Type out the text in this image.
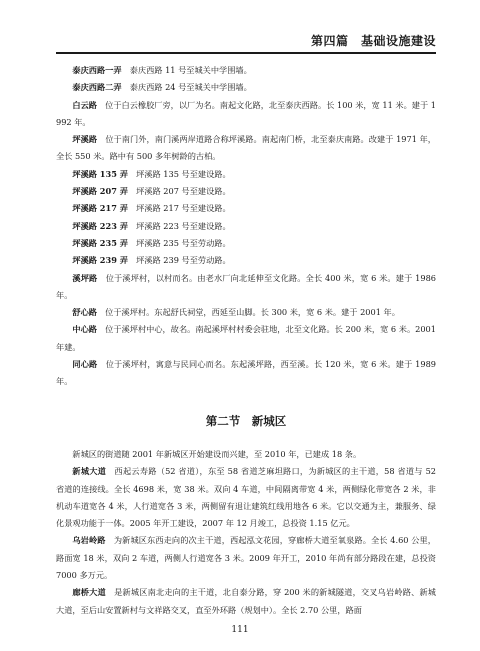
第四篇　基础设施建设

泰庆西路一弄　泰庆西路 11 号至城关中学围墙。

泰庆西路二弄　泰庆西路 24 号至城关中学围墙。

白云路　位于白云橡胶厂旁，以厂为名。南起文化路，北至泰庆西路。长 100 米，宽 11 米。建于 1992 年。

坪溪路　位于南门外，南门溪两岸道路合称坪溪路。南起南门桥，北至泰庆南路。改建于 1971 年，全长 550 米。路中有 500 多年树龄的古柏。

坪溪路 135 弄　坪溪路 135 号至建设路。

坪溪路 207 弄　坪溪路 207 号至建设路。

坪溪路 217 弄　坪溪路 217 号至建设路。

坪溪路 223 弄　坪溪路 223 号至建设路。

坪溪路 235 弄　坪溪路 235 号至劳动路。

坪溪路 239 弄　坪溪路 239 号至劳动路。

溪坪路　位于溪坪村，以村而名。由老水厂向北延伸至文化路。全长 400 米，宽 6 米。建于 1986 年。

舒心路　位于溪坪村。东起舒氏祠堂，西延至山脚。长 300 米，宽 6 米。建于 2001 年。

中心路　位于溪坪村中心，故名。南起溪坪村村委会驻地，北至文化路。长 200 米，宽 6 米。2001 年建。

同心路　位于溪坪村，寓意与民同心而名。东起溪坪路，西至溪。长 120 米，宽 6 米。建于 1989 年。

第二节　新城区

新城区的街道随 2001 年新城区开始建设而兴建，至 2010 年，已建成 18 条。

新城大道　西起云寿路（52 省道），东至 58 省道芝麻坦路口，为新城区的主干道，58 省道与 52 省道的连接线。全长 4698 米，宽 38 米。双向 4 车道，中间隔离带宽 4 米，两侧绿化带宽各 2 米，非机动车道宽各 4 米，人行道宽各 3 米，两侧留有退让建筑红线用地各 6 米。它以交通为主，兼服务、绿化景观功能于一体。2005 年开工建设，2007 年 12 月竣工，总投资 1.15 亿元。

乌岩岭路　为新城区东西走向的次主干道，西起泓文花园，穿廊桥大道至氧泉路。全长 4.60 公里，路面宽 18 米，双向 2 车道，两侧人行道宽各 3 米。2009 年开工，2010 年尚有部分路段在建，总投资 7000 多万元。

廊桥大道　是新城区南北走向的主干道，北自泰分路，穿 200 米的新城隧道，交叉乌岩岭路、新城大道，至后山安置新村与文祥路交叉，直至外环路（规划中）。全长 2.70 公里，路面

111
